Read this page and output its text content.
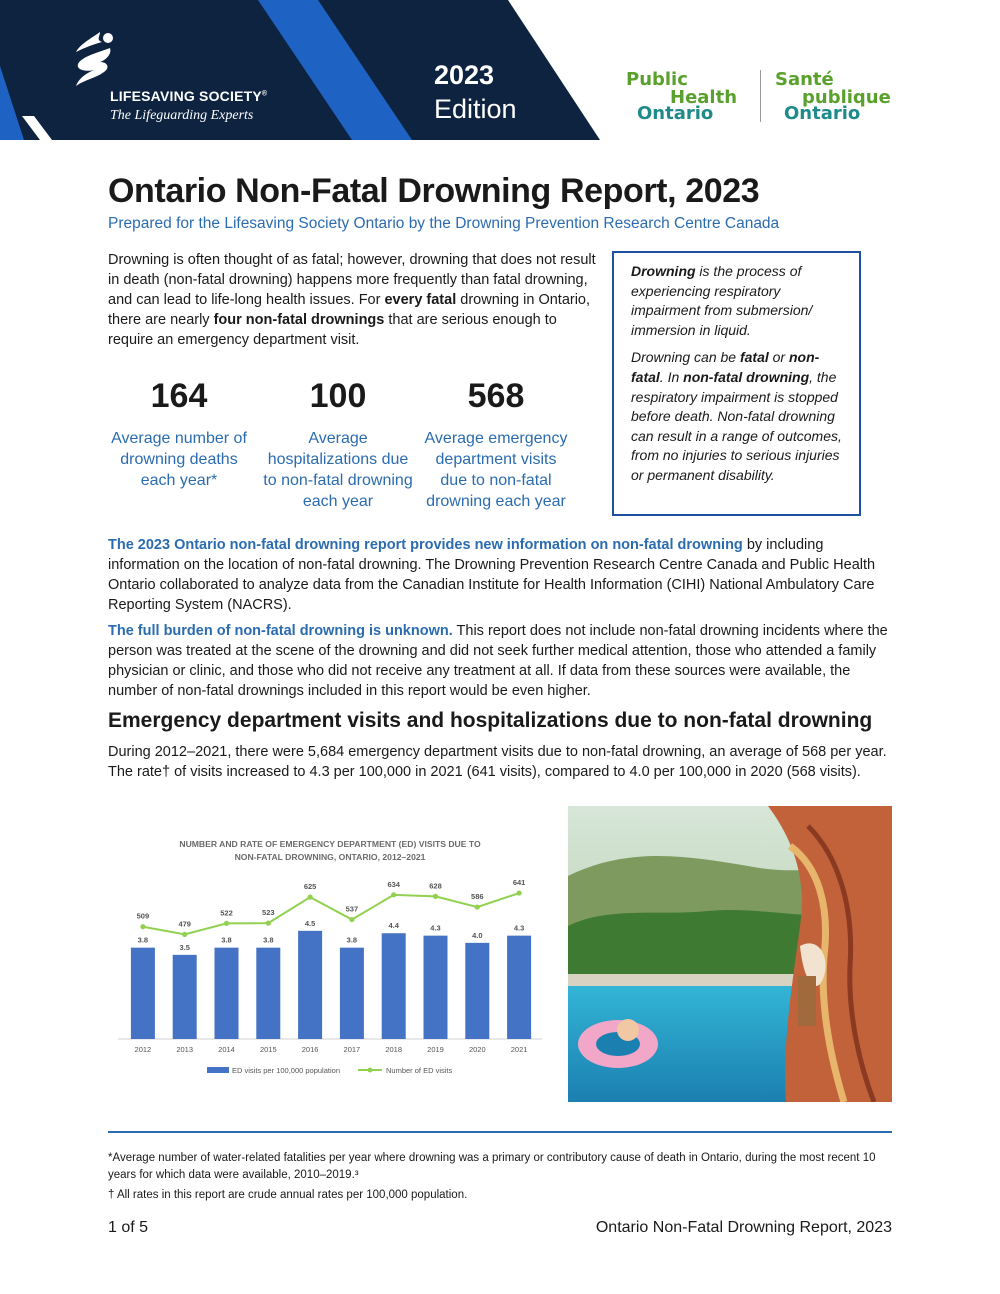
LIFESAVING SOCIETY®
The Lifeguarding Experts
2023
Edition
Public
Health
Ontario
Santé
publique
Ontario
Ontario Non-Fatal Drowning Report, 2023
Prepared for the Lifesaving Society Ontario by the Drowning Prevention Research Centre Canada

Drowning is often thought of as fatal; however, drowning that does not result in death (non-fatal drowning) happens more frequently than fatal drowning, and can lead to life-long health issues. For every fatal drowning in Ontario, there are nearly four non-fatal drownings that are serious enough to require an emergency department visit.

164
Average number of drowning deaths each year*
100
Average hospitalizations due to non-fatal drowning each year
568
Average emergency department visits due to non-fatal drowning each year

Drowning is the process of experiencing respiratory impairment from submersion/ immersion in liquid.

Drowning can be fatal or non-fatal. In non-fatal drowning, the respiratory impairment is stopped before death. Non-fatal drowning can result in a range of outcomes, from no injuries to serious injuries or permanent disability.

The 2023 Ontario non-fatal drowning report provides new information on non-fatal drowning by including information on the location of non-fatal drowning. The Drowning Prevention Research Centre Canada and Public Health Ontario collaborated to analyze data from the Canadian Institute for Health Information (CIHI) National Ambulatory Care Reporting System (NACRS).

The full burden of non-fatal drowning is unknown. This report does not include non-fatal drowning incidents where the person was treated at the scene of the drowning and did not seek further medical attention, those who attended a family physician or clinic, and those who did not receive any treatment at all. If data from these sources were available, the number of non-fatal drownings included in this report would be even higher.

Emergency department visits and hospitalizations due to non-fatal drowning

During 2012–2021, there were 5,684 emergency department visits due to non-fatal drowning, an average of 568 per year. The rate† of visits increased to 4.3 per 100,000 in 2021 (641 visits), compared to 4.0 per 100,000 in 2020 (568 visits).

NUMBER AND RATE OF EMERGENCY DEPARTMENT (ED) VISITS DUE TO
NON-FATAL DROWNING, ONTARIO, 2012–2021
3.8
3.5
3.8	3.8
4.5
3.8
4.4	4.3
4.0
4.3
509
479
522	523
625
537
634	628
586
641
2012	2013	2014	2015	2016	2017	2018	2019	2020	2021
ED visits per 100,000 population	Number of ED visits

*Average number of water-related fatalities per year where drowning was a primary or contributory cause of death in Ontario, during the most recent 10 years for which data were available, 2010–2019.³

† All rates in this report are crude annual rates per 100,000 population.

1 of 5	Ontario Non-Fatal Drowning Report, 2023
